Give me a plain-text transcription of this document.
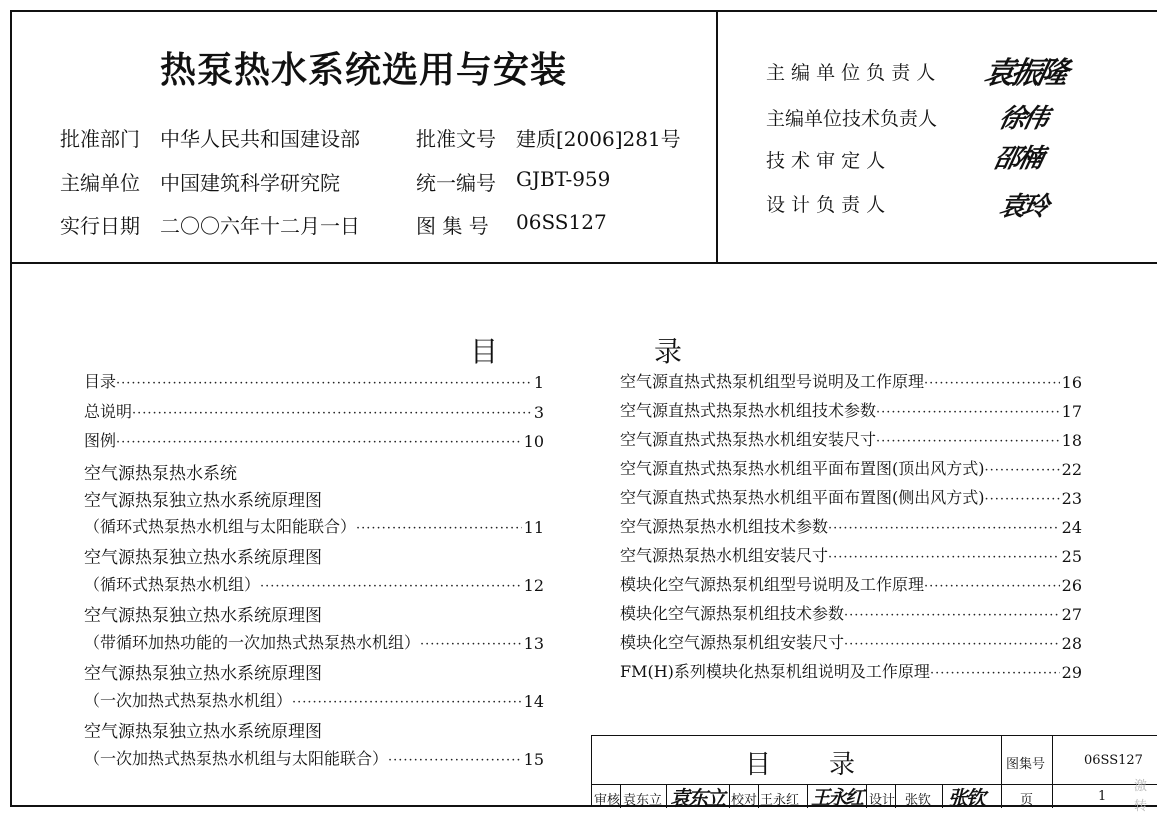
热泵热水系统选用与安装
批准部门 中华人民共和国建设部	批准文号 建质[2006]281号
主编单位 中国建筑科学研究院	统一编号 GJBT-959
实行日期 二〇〇六年十二月一日	图 集 号 06SS127
主 编 单 位 负 责 人 袁振隆
主编单位技术负责人 徐伟
技 术 审 定 人	邵楠
设 计 负 责 人	袁玲
目	录
目录 ·····	1
总说明 ·····	3
图例 ·····	10
空气源热泵热水系统
空气源热泵独立热水系统原理图
（循环式热泵热水机组与太阳能联合） ·····	11
空气源热泵独立热水系统原理图
（循环式热泵热水机组） ·····	12
空气源热泵独立热水系统原理图
（带循环加热功能的一次加热式热泵热水机组） ·····	13
空气源热泵独立热水系统原理图
（一次加热式热泵热水机组） ·····	14
空气源热泵独立热水系统原理图
（一次加热式热泵热水机组与太阳能联合） ·····	15
空气源直热式热泵机组型号说明及工作原理 ·····	16
空气源直热式热泵热水机组技术参数 ·····	17
空气源直热式热泵热水机组安装尺寸 ·····	18
空气源直热式热泵热水机组平面布置图(顶出风方式) ·····	22
空气源直热式热泵热水机组平面布置图(侧出风方式) ·····	23
空气源热泵热水机组技术参数 ·····	24
空气源热泵热水机组安装尺寸 ·····	25
模块化空气源热泵机组型号说明及工作原理 ·····	26
模块化空气源热泵机组技术参数 ·····	27
模块化空气源热泵机组安装尺寸 ·····	28
FM(H)系列模块化热泵机组说明及工作原理 ·····	29
目 录	图集号	06SS127
审核 袁东立 袁东立 校对 王永红 王永红 设计 张钦 张钦	页	1
激
转
